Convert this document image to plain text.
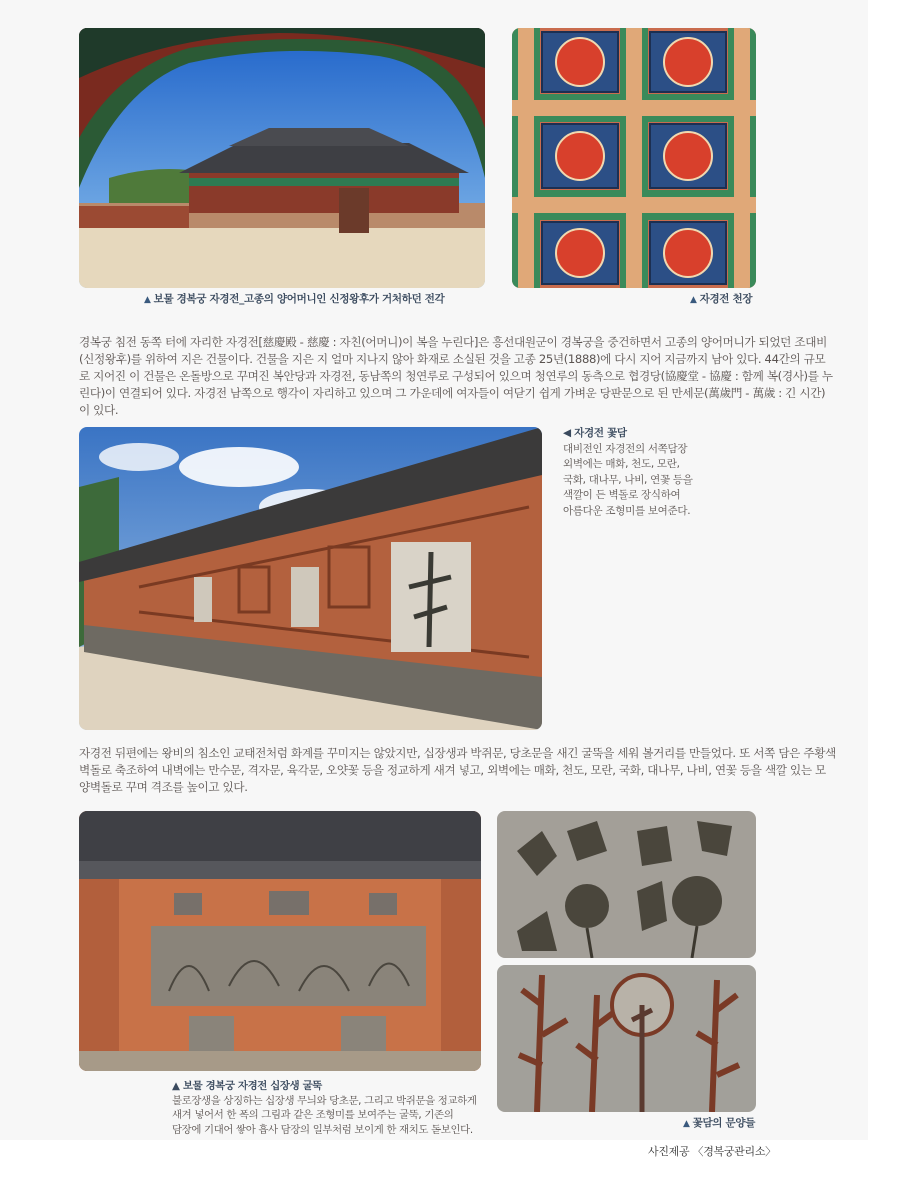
▲ 보물 경복궁 자경전_고종의 양어머니인 신정왕후가 거처하던 전각	▲ 자경전 천장

경복궁 침전 동쪽 터에 자리한 자경전[慈慶殿 - 慈慶 : 자친(어머니)이 복을 누린다]은 흥선대원군이 경복궁을 중건하면서 고종의 양어머니가 되었던 조대비(신정왕후)를 위하여 지은 건물이다. 건물을 지은 지 얼마 지나지 않아 화재로 소실된 것을 고종 25년(1888)에 다시 지어 지금까지 남아 있다. 44간의 규모로 지어진 이 건물은 온돌방으로 꾸며진 복안당과 자경전, 동남쪽의 청연루로 구성되어 있으며 청연루의 동측으로 협경당(協慶堂 - 協慶 : 함께 복(경사)를 누린다)이 연결되어 있다. 자경전 남쪽으로 행각이 자리하고 있으며 그 가운데에 여자들이 여닫기 쉽게 가벼운 당판문으로 된 만세문(萬歲門 - 萬歲 : 긴 시간)이 있다.

◀ 자경전 꽃담
대비전인 자경전의 서쪽담장
외벽에는 매화, 천도, 모란,
국화, 대나무, 나비, 연꽃 등을
색깔이 든 벽돌로 장식하여
아름다운 조형미를 보여준다.

자경전 뒤편에는 왕비의 침소인 교태전처럼 화계를 꾸미지는 않았지만, 십장생과 박쥐문, 당초문을 새긴 굴뚝을 세워 볼거리를 만들었다. 또 서쪽 담은 주황색 벽돌로 축조하여 내벽에는 만수문, 격자문, 육각문, 오얏꽃 등을 정교하게 새겨 넣고, 외벽에는 매화, 천도, 모란, 국화, 대나무, 나비, 연꽃 등을 색깔 있는 모양벽돌로 꾸며 격조를 높이고 있다.

▲ 보물 경복궁 자경전 십장생 굴뚝
불로장생을 상징하는 십장생 무늬와 당초문, 그리고 박쥐문을 정교하게
새겨 넣어서 한 폭의 그림과 같은 조형미를 보여주는 굴뚝, 기존의
담장에 기대어 쌓아 흡사 담장의 일부처럼 보이게 한 재치도 돋보인다.	▲ 꽃담의 문양들
사진제공 〈경복궁관리소〉
